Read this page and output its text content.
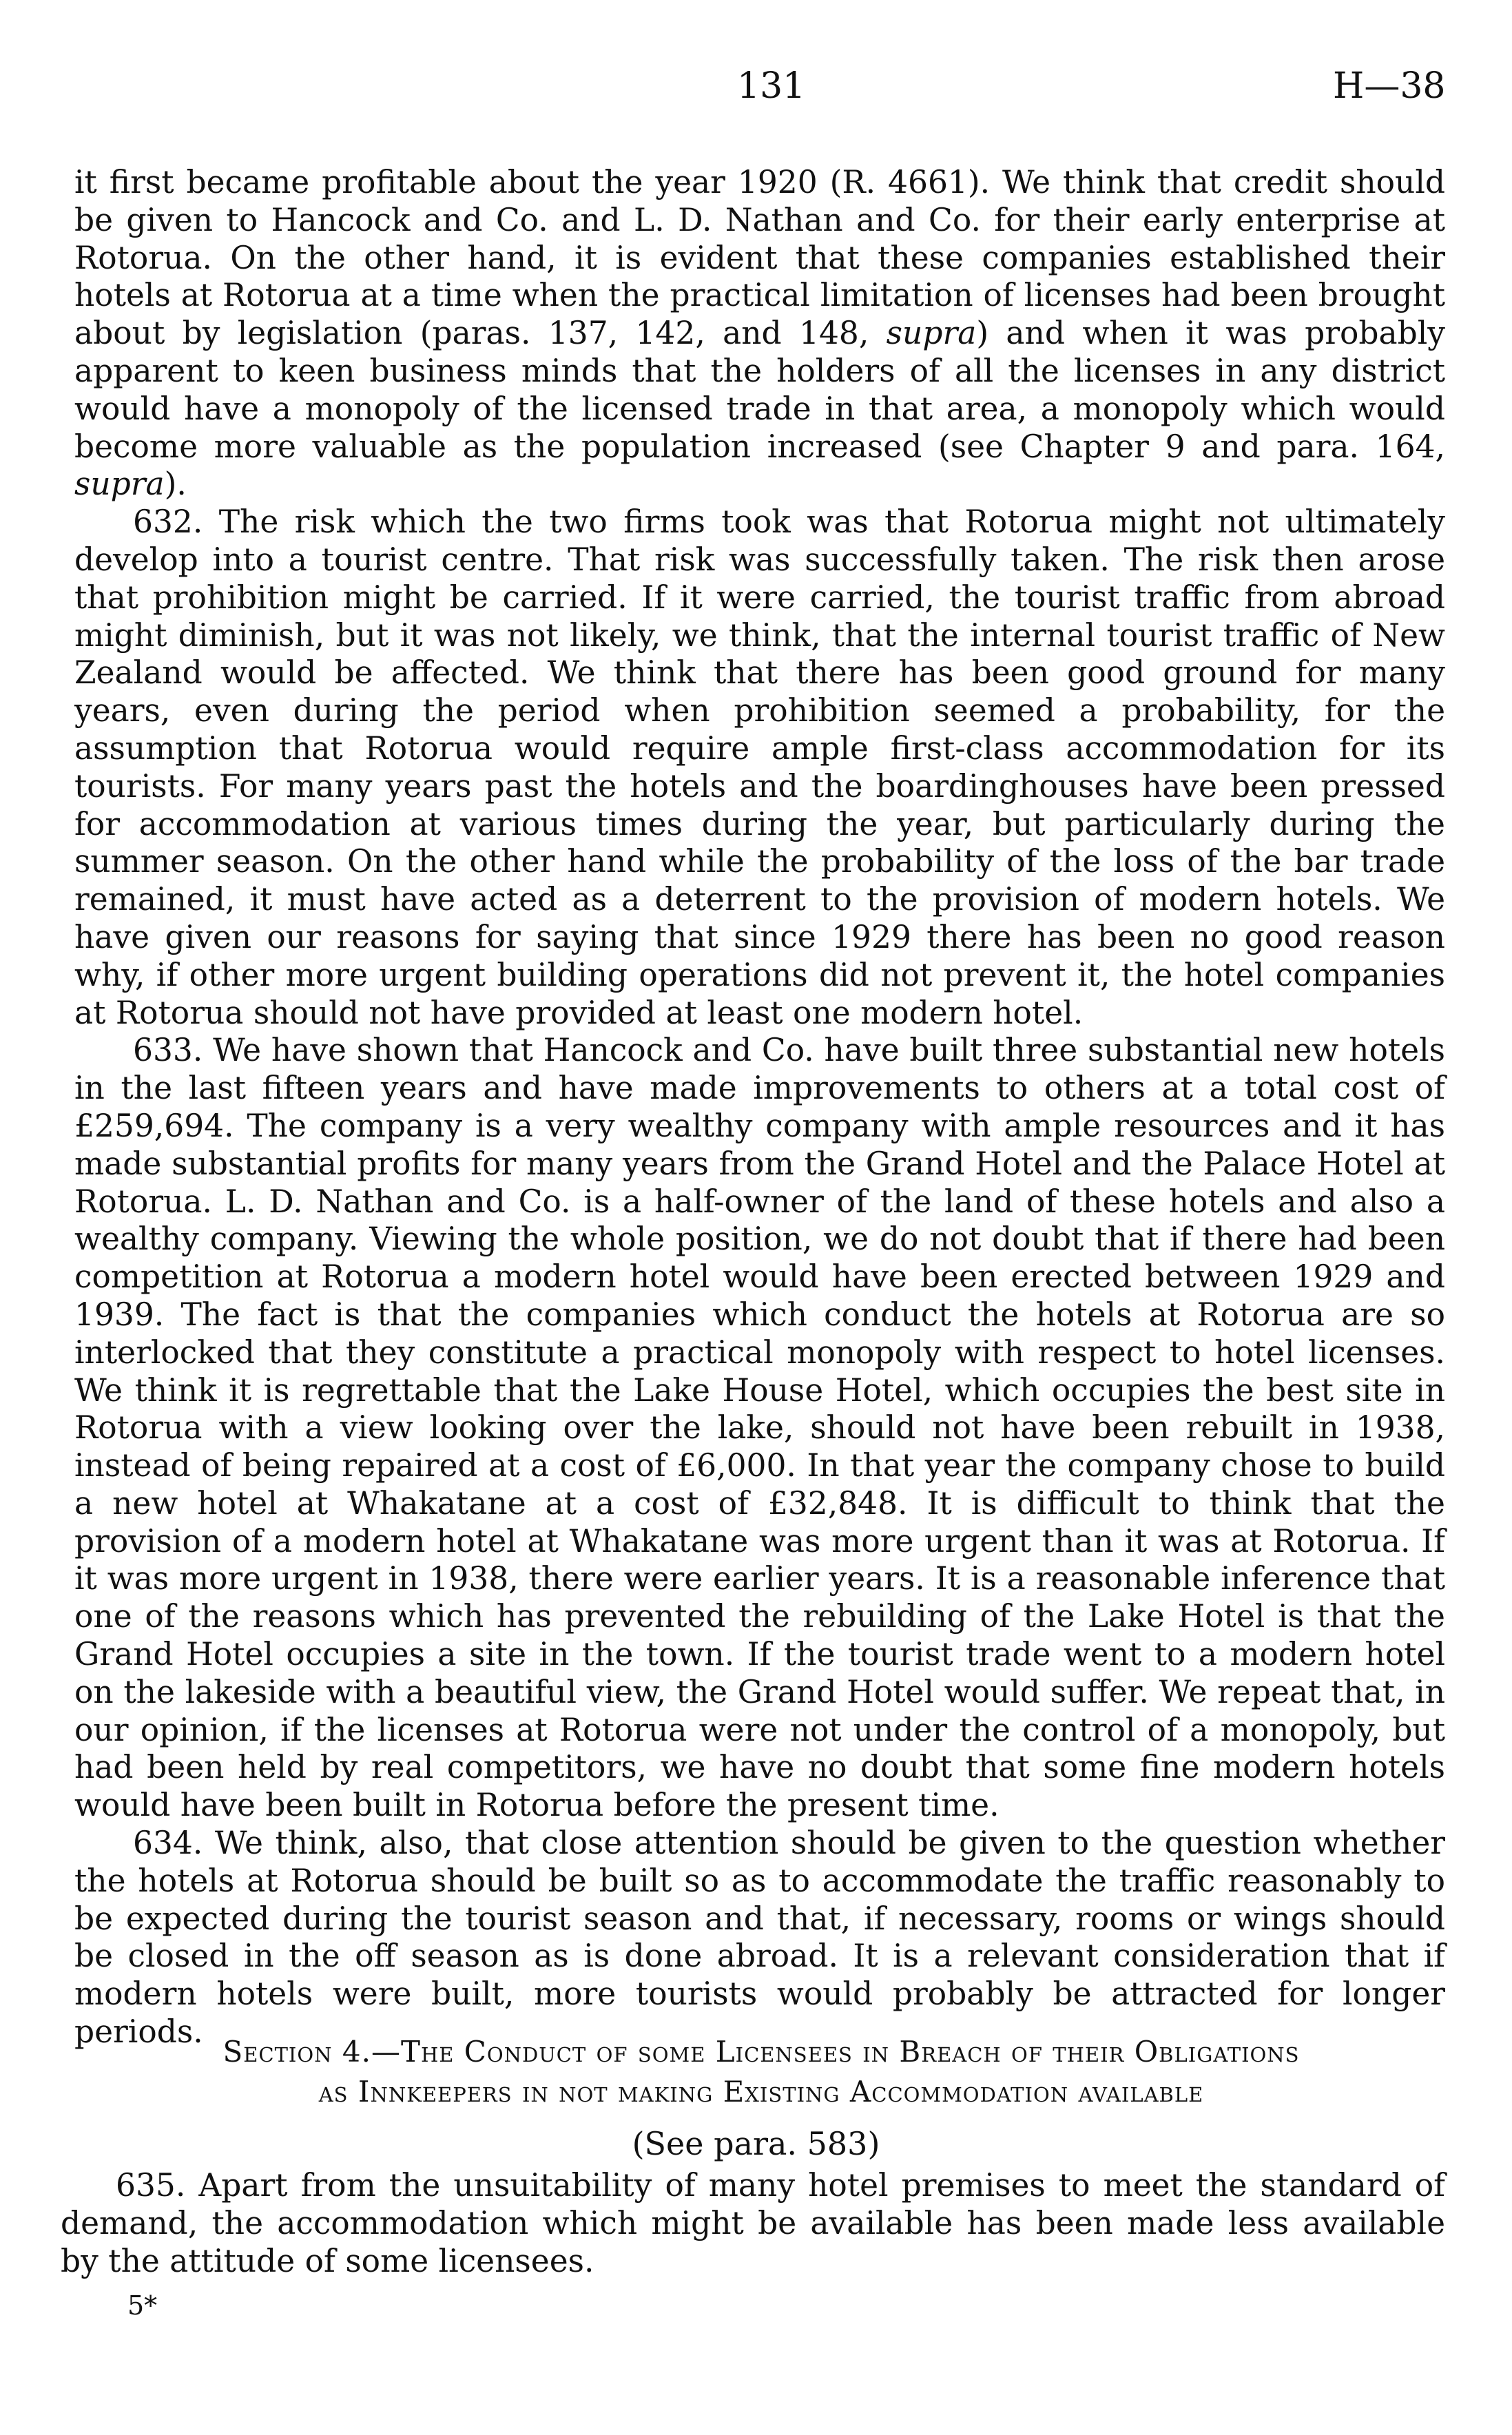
131	H—38

it first became profitable about the year 1920 (R. 4661). We think that credit should be given to Hancock and Co. and L. D. Nathan and Co. for their early enterprise at Rotorua. On the other hand, it is evident that these companies established their hotels at Rotorua at a time when the practical limitation of licenses had been brought about by legislation (paras. 137, 142, and 148, supra) and when it was probably apparent to keen business minds that the holders of all the licenses in any district would have a monopoly of the licensed trade in that area, a monopoly which would become more valuable as the population increased (see Chapter 9 and para. 164, supra).

632. The risk which the two firms took was that Rotorua might not ultimately develop into a tourist centre. That risk was successfully taken. The risk then arose that prohibition might be carried. If it were carried, the tourist traffic from abroad might diminish, but it was not likely, we think, that the internal tourist traffic of New Zealand would be affected. We think that there has been good ground for many years, even during the period when prohibition seemed a probability, for the assumption that Rotorua would require ample first-class accommodation for its tourists. For many years past the hotels and the boardinghouses have been pressed for accommodation at various times during the year, but particularly during the summer season. On the other hand while the probability of the loss of the bar trade remained, it must have acted as a deterrent to the provision of modern hotels. We have given our reasons for saying that since 1929 there has been no good reason why, if other more urgent building operations did not prevent it, the hotel companies at Rotorua should not have provided at least one modern hotel.

633. We have shown that Hancock and Co. have built three substantial new hotels in the last fifteen years and have made improvements to others at a total cost of £259,694. The company is a very wealthy company with ample resources and it has made substantial profits for many years from the Grand Hotel and the Palace Hotel at Rotorua. L. D. Nathan and Co. is a half-owner of the land of these hotels and also a wealthy company. Viewing the whole position, we do not doubt that if there had been competition at Rotorua a modern hotel would have been erected between 1929 and 1939. The fact is that the companies which conduct the hotels at Rotorua are so interlocked that they constitute a practical monopoly with respect to hotel licenses. We think it is regrettable that the Lake House Hotel, which occupies the best site in Rotorua with a view looking over the lake, should not have been rebuilt in 1938, instead of being repaired at a cost of £6,000. In that year the company chose to build a new hotel at Whakatane at a cost of £32,848. It is difficult to think that the provision of a modern hotel at Whakatane was more urgent than it was at Rotorua. If it was more urgent in 1938, there were earlier years. It is a reasonable inference that one of the reasons which has prevented the rebuilding of the Lake Hotel is that the Grand Hotel occupies a site in the town. If the tourist trade went to a modern hotel on the lakeside with a beautiful view, the Grand Hotel would suffer. We repeat that, in our opinion, if the licenses at Rotorua were not under the control of a monopoly, but had been held by real competitors, we have no doubt that some fine modern hotels would have been built in Rotorua before the present time.

634. We think, also, that close attention should be given to the question whether the hotels at Rotorua should be built so as to accommodate the traffic reasonably to be expected during the tourist season and that, if necessary, rooms or wings should be closed in the off season as is done abroad. It is a relevant consideration that if modern hotels were built, more tourists would probably be attracted for longer periods.

Section 4.—The Conduct of some Licensees in Breach of their Obligations
as Innkeepers in not making Existing Accommodation available
(See para. 583)
635. Apart from the unsuitability of many hotel premises to meet the standard of demand, the accommodation which might be available has been made less available by the attitude of some licensees.
5*
